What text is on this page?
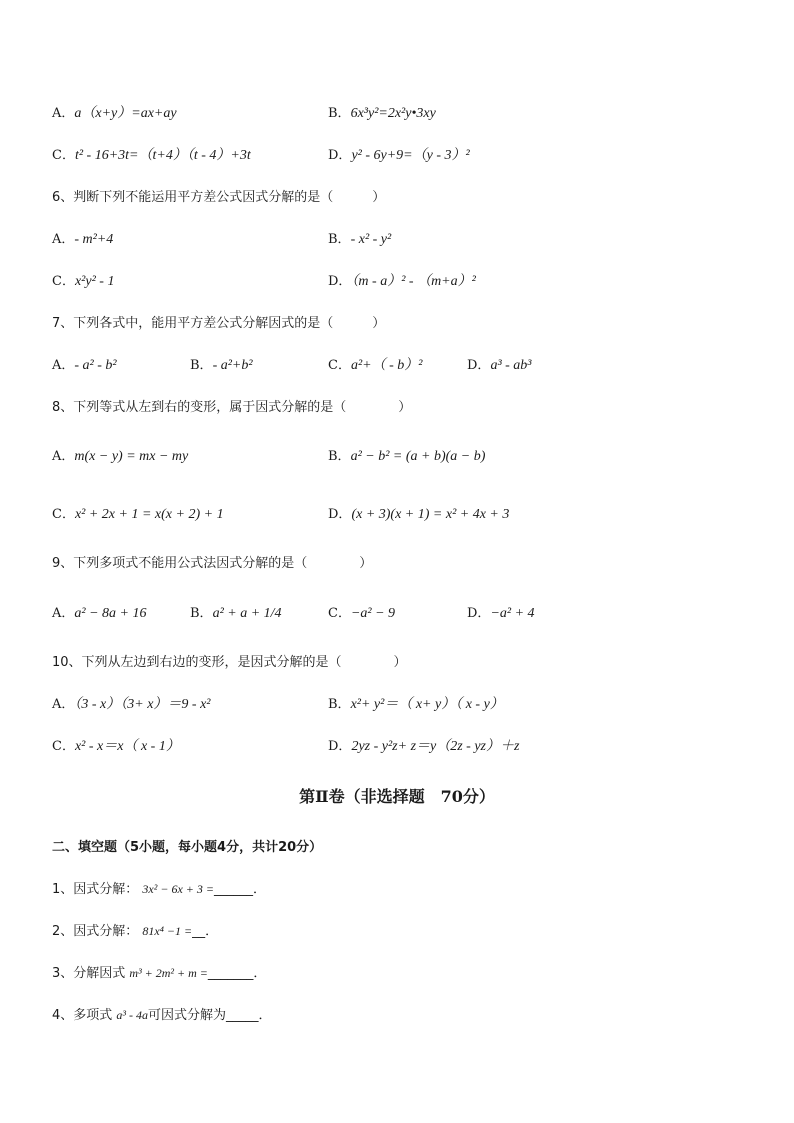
A．a（x+y）=ax+ay	B．6x³y²=2x²y•3xy
C．t² - 16+3t=（t+4）（t - 4）+3t	D．y² - 6y+9=（y - 3）²
6、判断下列不能运用平方差公式因式分解的是（　　　）
A．- m²+4	B．- x² - y²
C．x²y² - 1	D．（m - a）² - （m+a）²
7、下列各式中，能用平方差公式分解因式的是（　　　）
A．- a² - b²	B．- a²+b²	C．a²+（ - b）²	D．a³ - ab³
8、下列等式从左到右的变形，属于因式分解的是（　　　　）
A．m(x − y) = mx − my	B．a² − b² = (a + b)(a − b)
C．x² + 2x + 1 = x(x + 2) + 1	D．(x + 3)(x + 1) = x² + 4x + 3
9、下列多项式不能用公式法因式分解的是（　　　　）
A．a² − 8a + 16	B．a² + a + 1/4	C．−a² − 9	D．−a² + 4
10、下列从左边到右边的变形，是因式分解的是（　　　　）
A．（3 - x）（3+ x）＝9 - x²	B．x²+ y²＝（ x+ y）（ x - y）
C．x² - x＝x（ x - 1）	D．2yz - y²z+ z＝y（2z - yz）＋z
第Ⅱ卷（非选择题　70分）
二、填空题（5小题，每小题4分，共计20分）
1、因式分解： 3x² − 6x + 3 =______．
2、因式分解： 81x⁴ −1 =__．
3、分解因式 m³ + 2m² + m =_______．
4、多项式 a³ - 4a可因式分解为_____．
